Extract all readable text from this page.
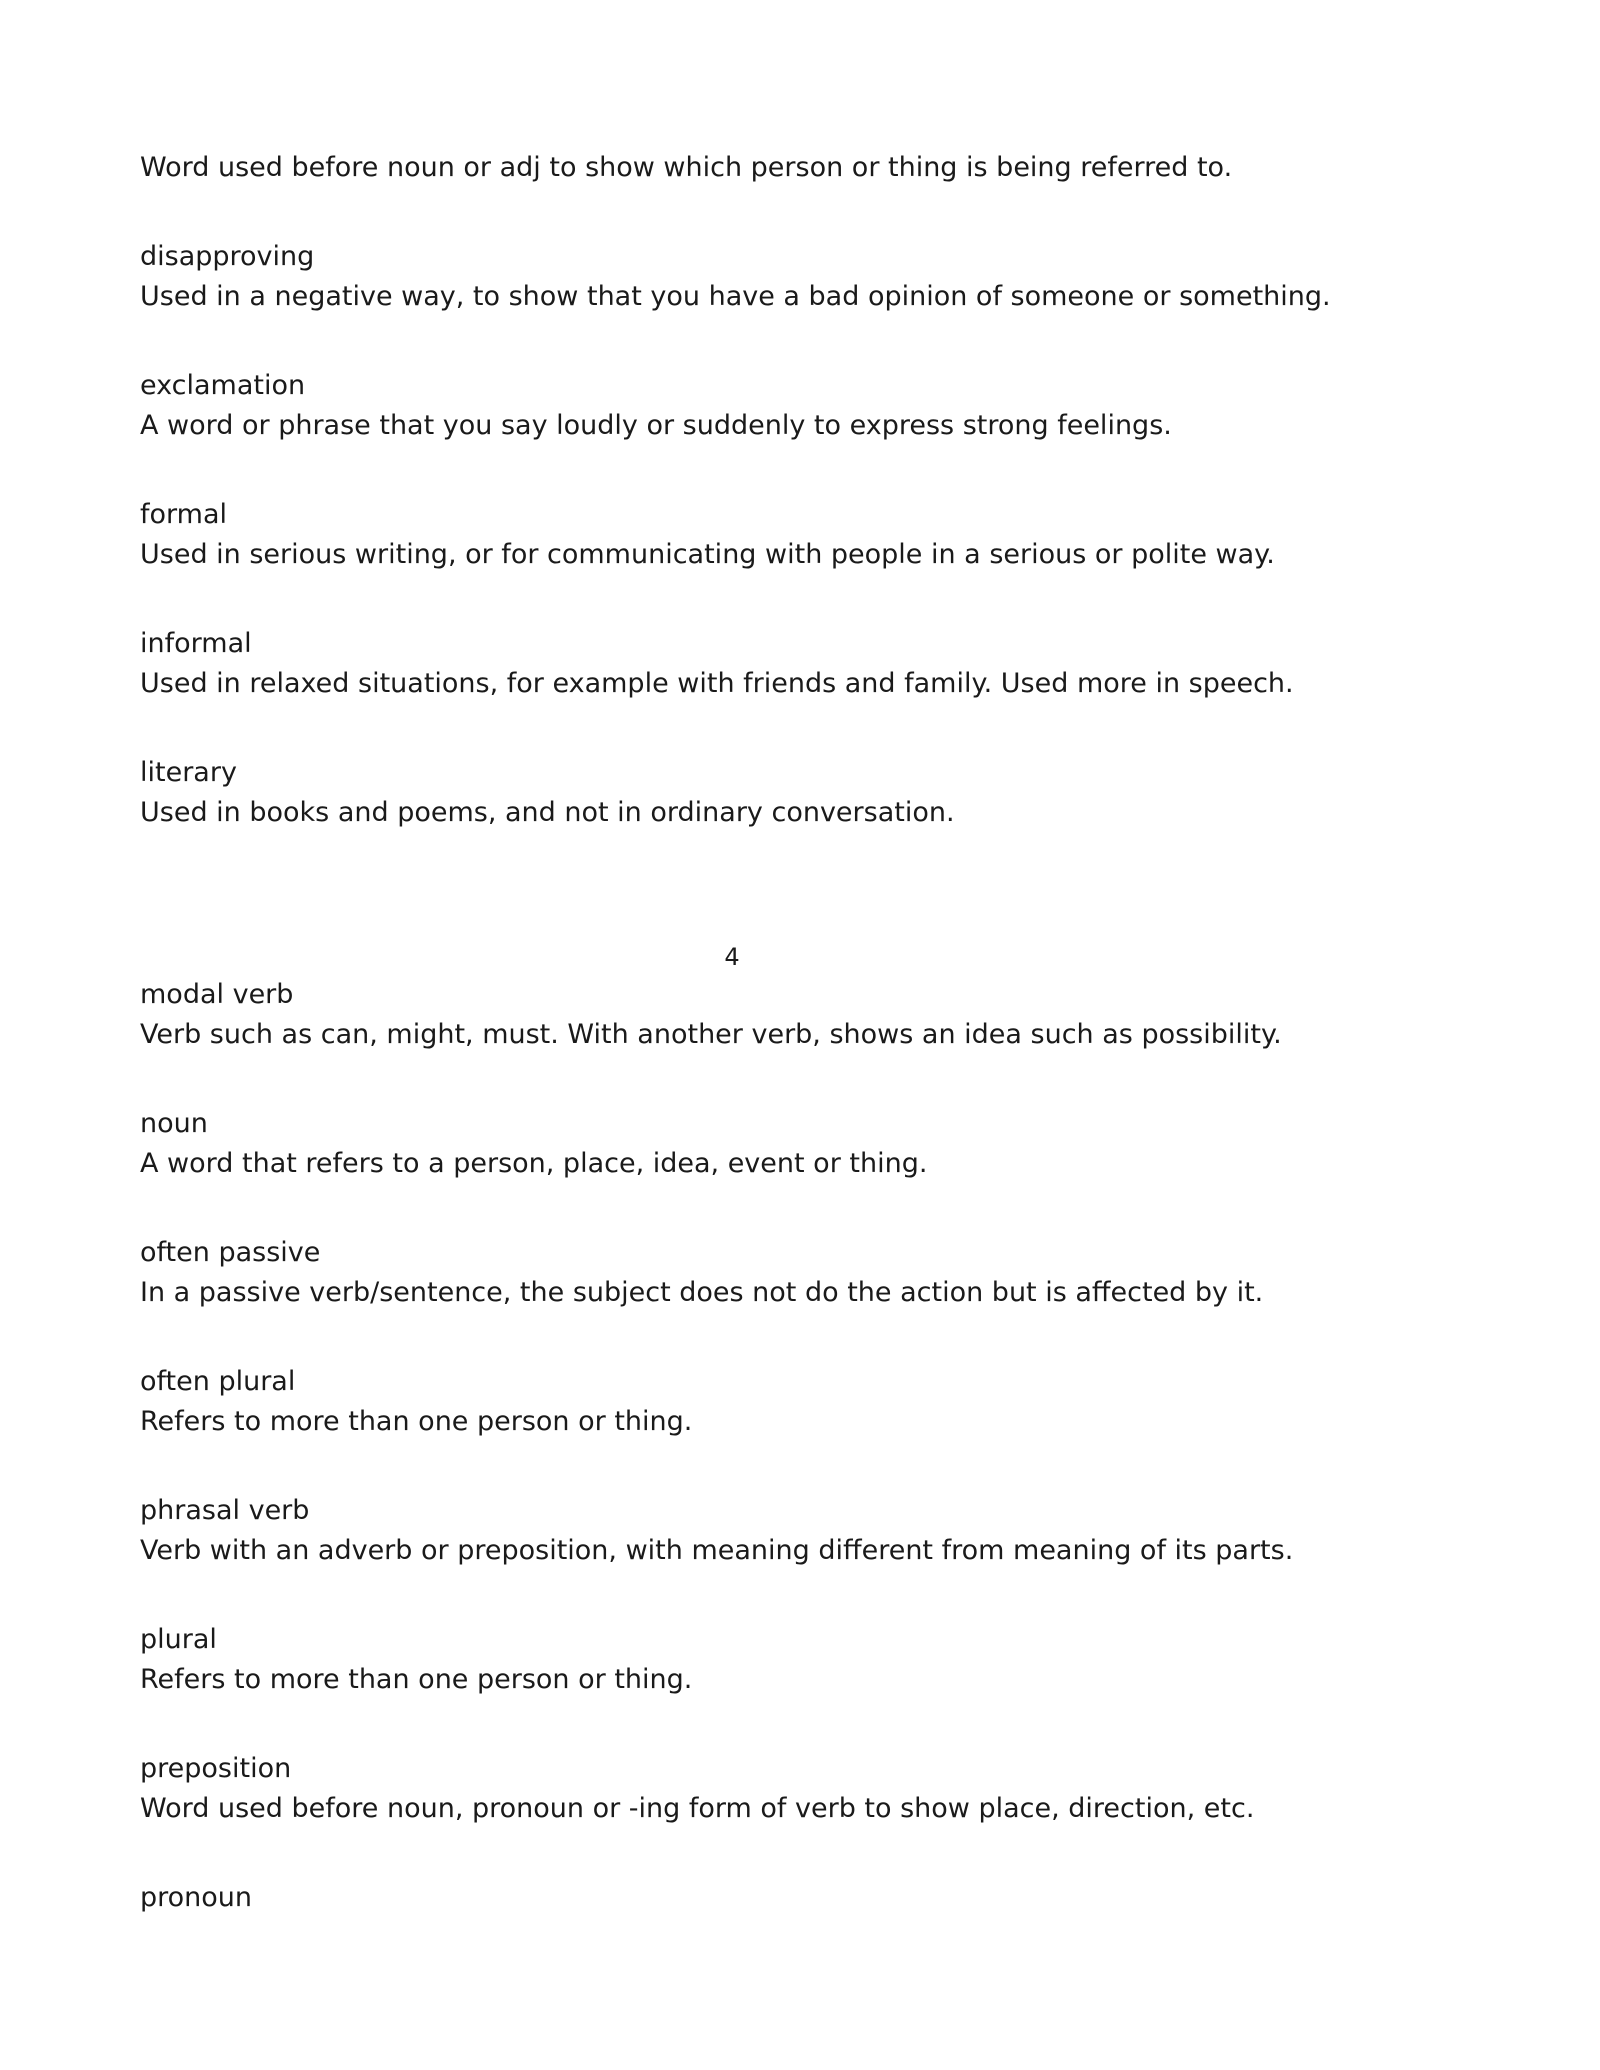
Word used before noun or adj to show which person or thing is being referred to.
disapproving
Used in a negative way, to show that you have a bad opinion of someone or something.
exclamation
A word or phrase that you say loudly or suddenly to express strong feelings.
formal
Used in serious writing, or for communicating with people in a serious or polite way.
informal
Used in relaxed situations, for example with friends and family. Used more in speech.
literary
Used in books and poems, and not in ordinary conversation.
4
modal verb
Verb such as can, might, must. With another verb, shows an idea such as possibility.
noun
A word that refers to a person, place, idea, event or thing.
often passive
In a passive verb/sentence, the subject does not do the action but is affected by it.
often plural
Refers to more than one person or thing.
phrasal verb
Verb with an adverb or preposition, with meaning different from meaning of its parts.
plural
Refers to more than one person or thing.
preposition
Word used before noun, pronoun or -ing form of verb to show place, direction, etc.
pronoun
